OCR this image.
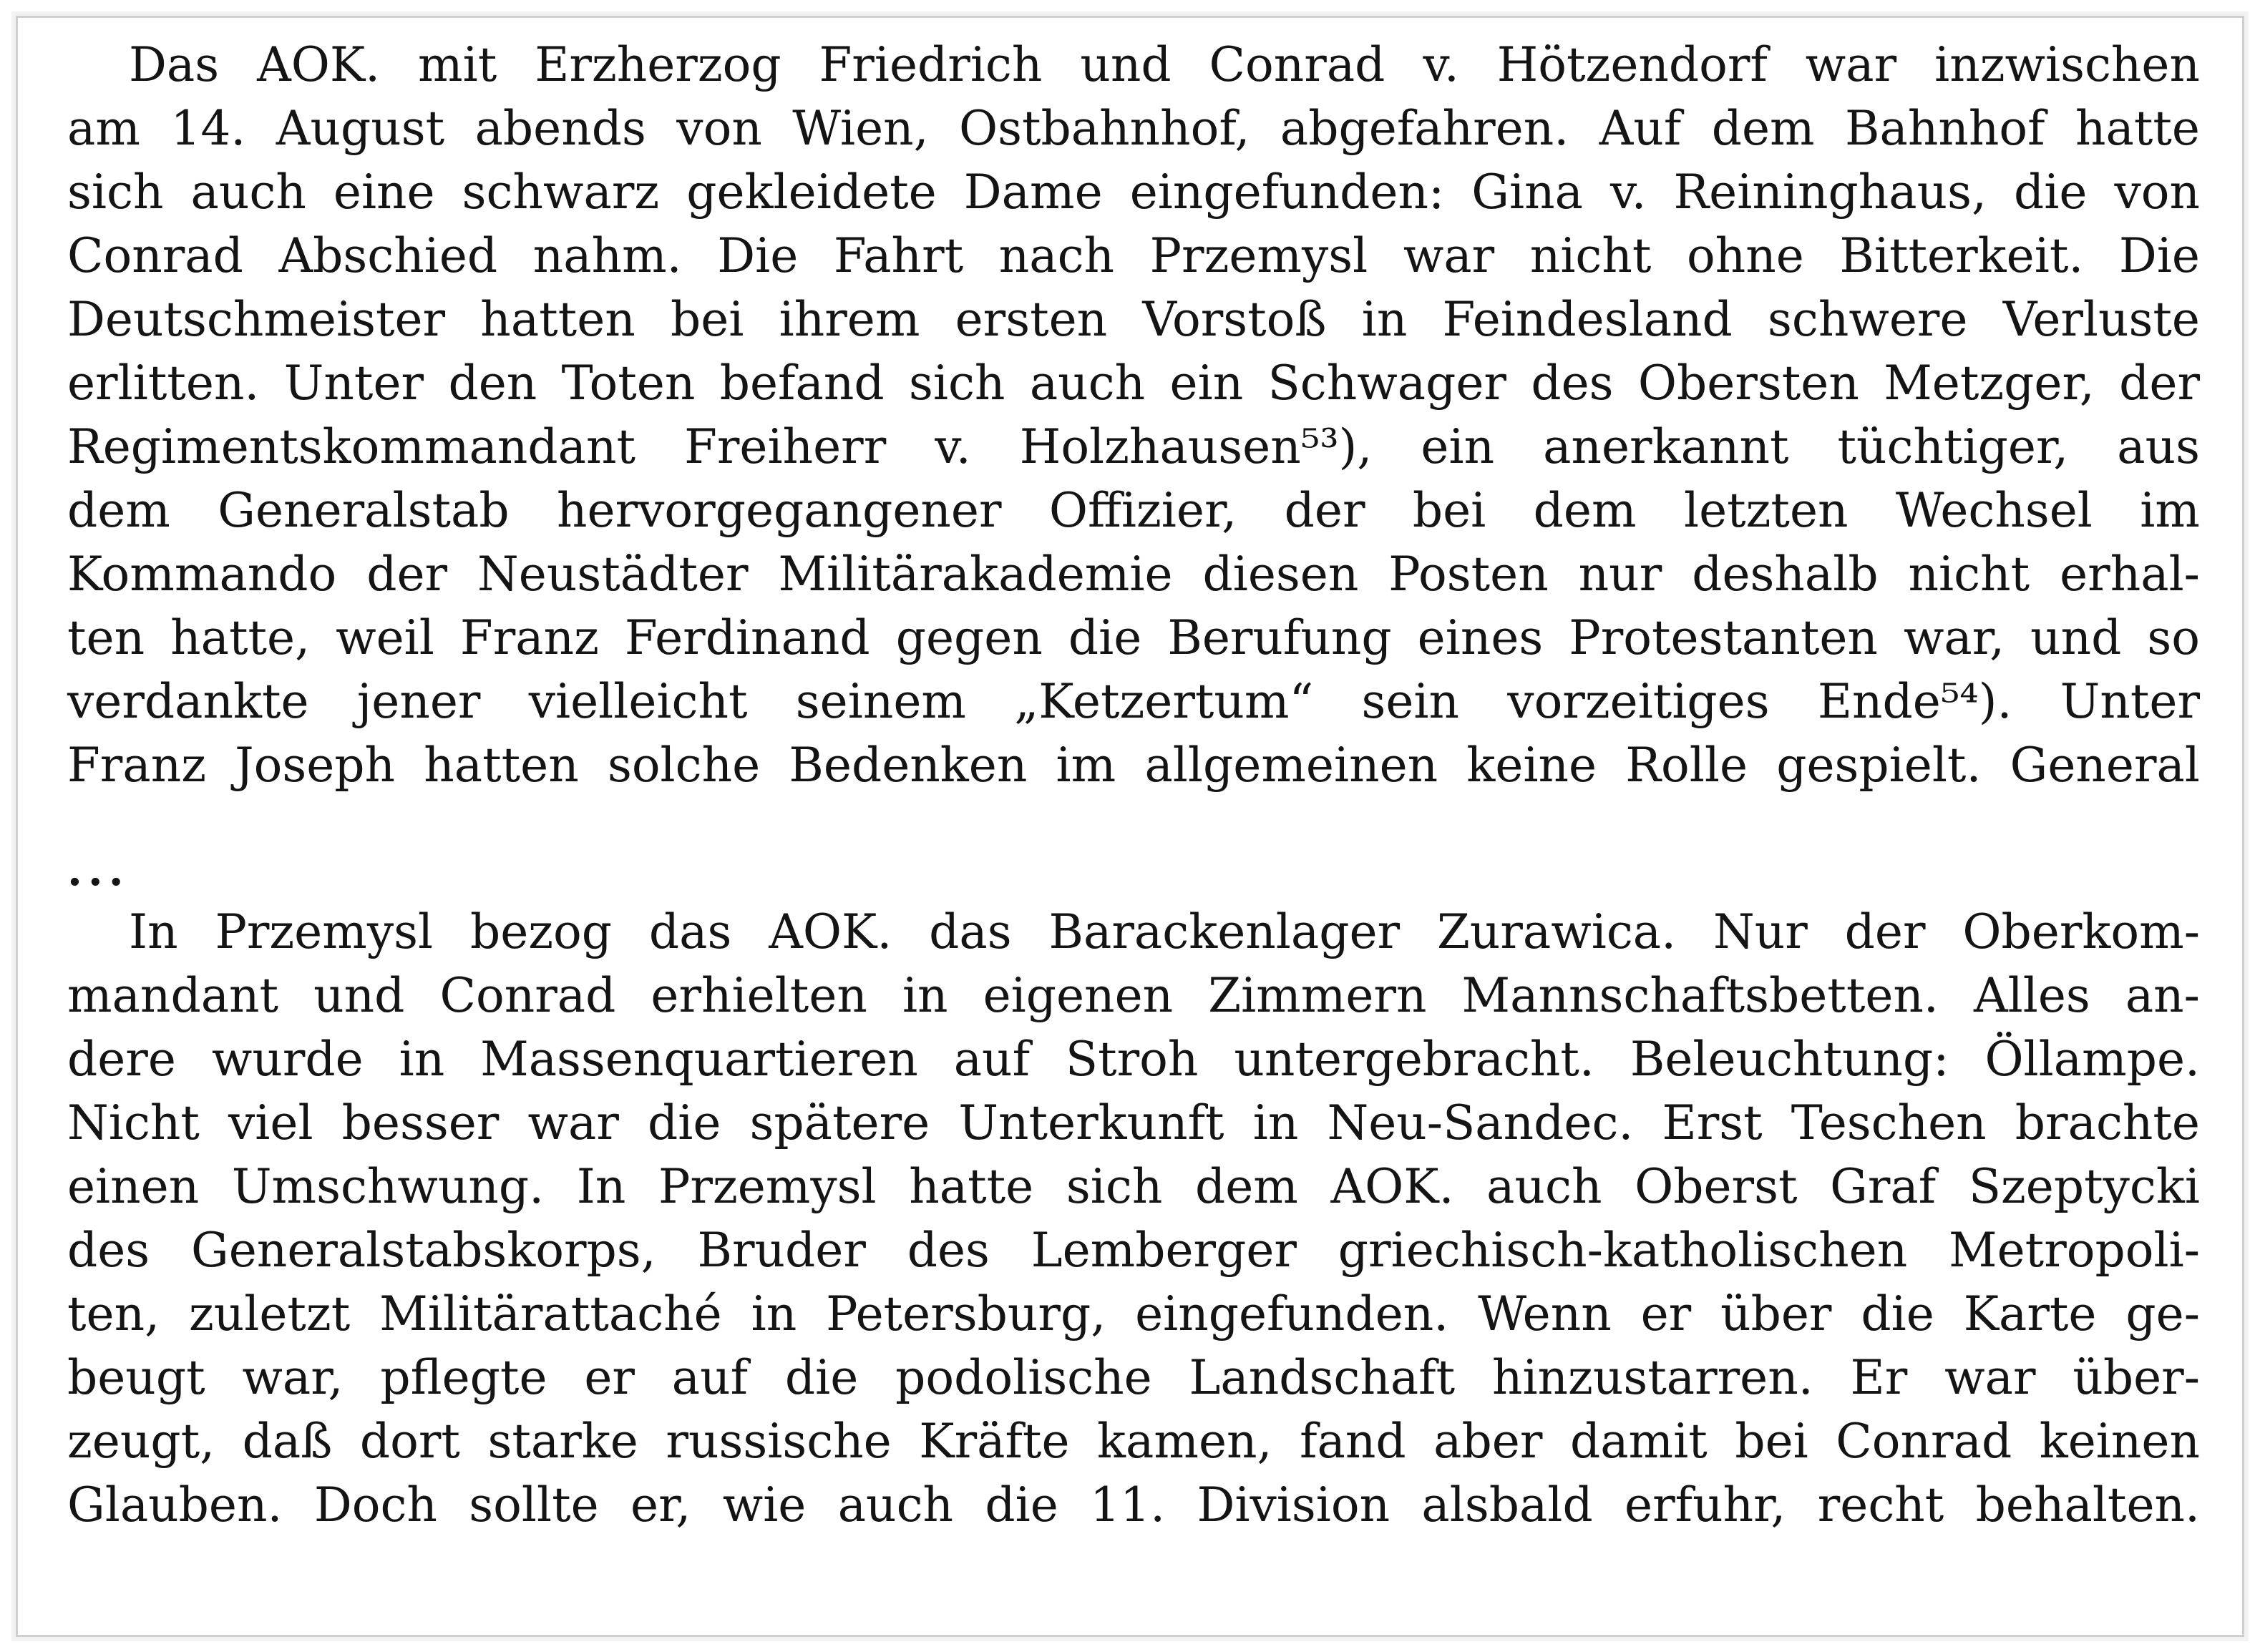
Das AOK. mit Erzherzog Friedrich und Conrad v. Hötzendorf war inzwischen
am 14. August abends von Wien, Ostbahnhof, abgefahren. Auf dem Bahnhof hatte
sich auch eine schwarz gekleidete Dame eingefunden: Gina v. Reininghaus, die von
Conrad Abschied nahm. Die Fahrt nach Przemysl war nicht ohne Bitterkeit. Die
Deutschmeister hatten bei ihrem ersten Vorstoß in Feindesland schwere Verluste
erlitten. Unter den Toten befand sich auch ein Schwager des Obersten Metzger, der
Regimentskommandant Freiherr v. Holzhausen⁵³), ein anerkannt tüchtiger, aus
dem Generalstab hervorgegangener Offizier, der bei dem letzten Wechsel im
Kommando der Neustädter Militärakademie diesen Posten nur deshalb nicht erhal-
ten hatte, weil Franz Ferdinand gegen die Berufung eines Protestanten war, und so
verdankte jener vielleicht seinem „Ketzertum“ sein vorzeitiges Ende⁵⁴). Unter
Franz Joseph hatten solche Bedenken im allgemeinen keine Rolle gespielt. General
...
In Przemysl bezog das AOK. das Barackenlager Zurawica. Nur der Oberkom-
mandant und Conrad erhielten in eigenen Zimmern Mannschaftsbetten. Alles an-
dere wurde in Massenquartieren auf Stroh untergebracht. Beleuchtung: Öllampe.
Nicht viel besser war die spätere Unterkunft in Neu-Sandec. Erst Teschen brachte
einen Umschwung. In Przemysl hatte sich dem AOK. auch Oberst Graf Szeptycki
des Generalstabskorps, Bruder des Lemberger griechisch-katholischen Metropoli-
ten, zuletzt Militärattaché in Petersburg, eingefunden. Wenn er über die Karte ge-
beugt war, pflegte er auf die podolische Landschaft hinzustarren. Er war über-
zeugt, daß dort starke russische Kräfte kamen, fand aber damit bei Conrad keinen
Glauben. Doch sollte er, wie auch die 11. Division alsbald erfuhr, recht behalten.
